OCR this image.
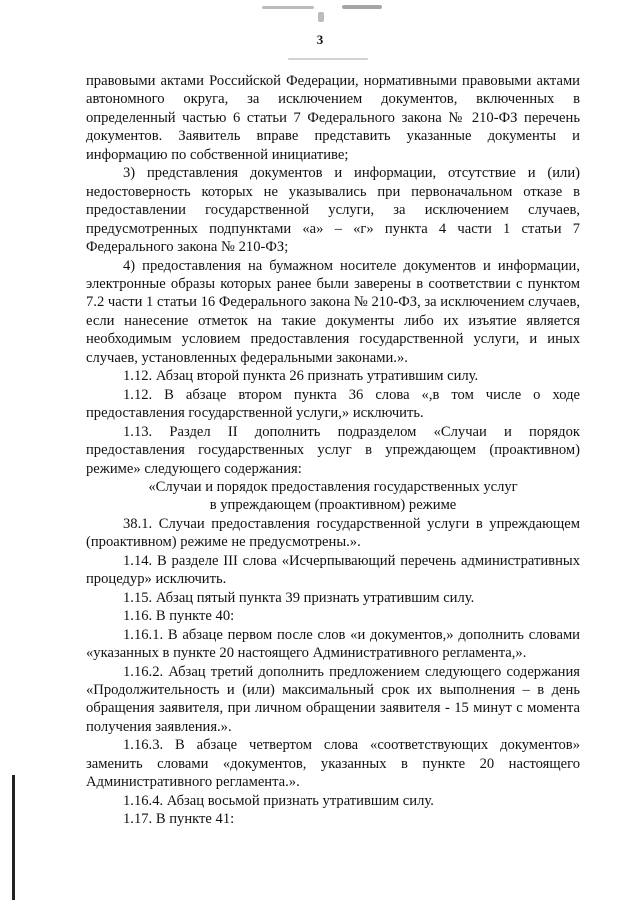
3

правовыми актами Российской Федерации, нормативными правовыми актами автономного округа, за исключением документов, включенных в определенный частью 6 статьи 7 Федерального закона № 210-ФЗ перечень документов. Заявитель вправе представить указанные документы и информацию по собственной инициативе;

3) представления документов и информации, отсутствие и (или) недостоверность которых не указывались при первоначальном отказе в предоставлении государственной услуги, за исключением случаев, предусмотренных подпунктами «а» – «г» пункта 4 части 1 статьи 7 Федерального закона № 210-ФЗ;

4) предоставления на бумажном носителе документов и информации, электронные образы которых ранее были заверены в соответствии с пунктом 7.2 части 1 статьи 16 Федерального закона № 210-ФЗ, за исключением случаев, если нанесение отметок на такие документы либо их изъятие является необходимым условием предоставления государственной услуги, и иных случаев, установленных федеральными законами.».

1.12. Абзац второй пункта 26 признать утратившим силу.

1.12. В абзаце втором пункта 36 слова «,в том числе о ходе предоставления государственной услуги,» исключить.

1.13. Раздел II дополнить подразделом «Случаи и порядок предоставления государственных услуг в упреждающем (проактивном) режиме» следующего содержания:

«Случаи и порядок предоставления государственных услуг

в упреждающем (проактивном) режиме

38.1. Случаи предоставления государственной услуги в упреждающем (проактивном) режиме не предусмотрены.».

1.14. В разделе III слова «Исчерпывающий перечень административных процедур» исключить.

1.15. Абзац пятый пункта 39 признать утратившим силу.

1.16. В пункте 40:

1.16.1. В абзаце первом после слов «и документов,» дополнить словами «указанных в пункте 20 настоящего Административного регламента,».

1.16.2. Абзац третий дополнить предложением следующего содержания «Продолжительность и (или) максимальный срок их выполнения – в день обращения заявителя, при личном обращении заявителя - 15 минут с момента получения заявления.».

1.16.3. В абзаце четвертом слова «соответствующих документов» заменить словами «документов, указанных в пункте 20 настоящего Административного регламента.».

1.16.4. Абзац восьмой признать утратившим силу.

1.17. В пункте 41:
